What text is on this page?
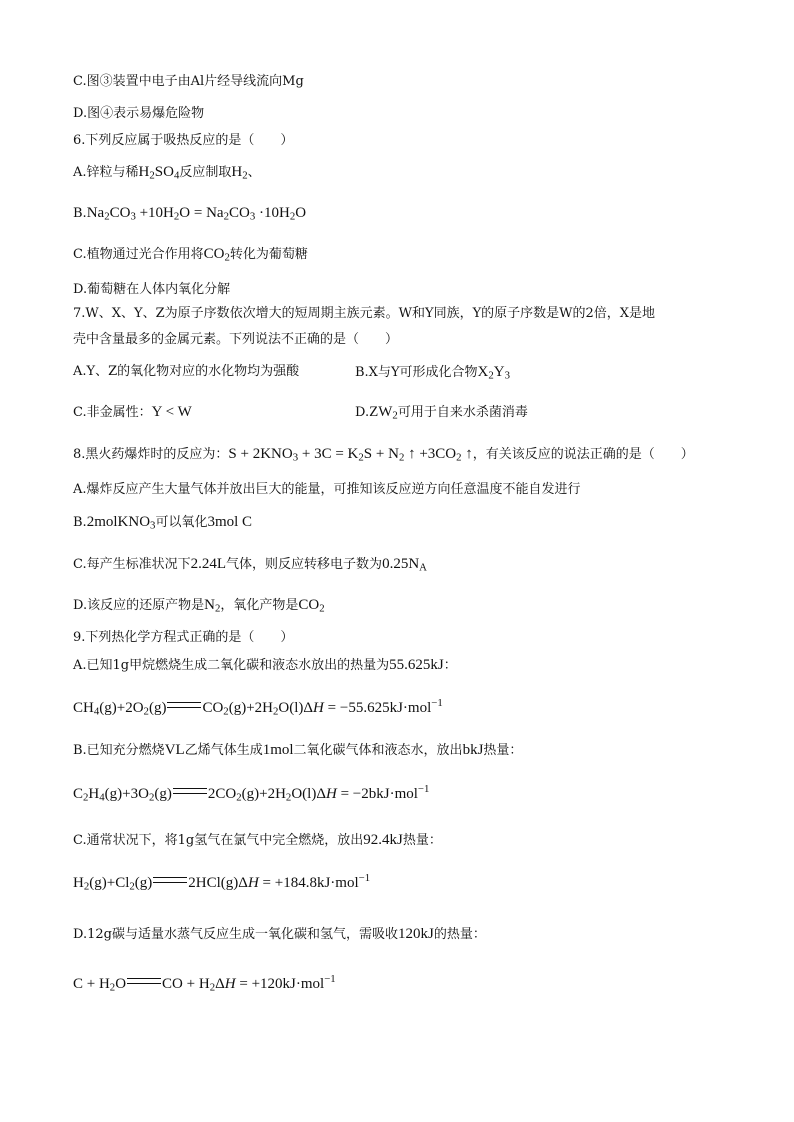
C.图③装置中电子由Al片经导线流向Mg
D.图④表示易爆危险物
6.下列反应属于吸热反应的是（　　）
A.锌粒与稀$H_2SO_4$反应制取$H_2$、
$B.Na_2CO_3 +10H_2O = Na_2CO_3 \cdot 10H_2O$
C.植物通过光合作用将$CO_2$转化为葡萄糖
D.葡萄糖在人体内氧化分解
7.W、X、Y、Z为原子序数依次增大的短周期主族元素。W和Y同族，Y的原子序数是W的2倍，X是地
壳中含量最多的金属元素。下列说法不正确的是（　　）
A.Y、Z的氧化物对应的水化物均为强酸	B.X与Y可形成化合物$X_2Y_3$
C.非金属性：Y < W	$D.ZW_2$可用于自来水杀菌消毒
8.黑火药爆炸时的反应为：$S + 2KNO_3 + 3C = K_2S + N_2$ ↑ $+3CO_2$ ↑，有关该反应的说法正确的是（　　）
A.爆炸反应产生大量气体并放出巨大的能量，可推知该反应逆方向任意温度不能自发进行
B.2molKNO$_3$可以氧化3mol C
C.每产生标准状况下2.24L气体，则反应转移电子数为$0.25N_A$
D.该反应的还原产物是$N_2$，氧化产物是$CO_2$
9.下列热化学方程式正确的是（　　）
A.已知1g甲烷燃烧生成二氧化碳和液态水放出的热量为55.625kJ：
$CH_4(g)+2O_2(g) CO_2(g)+2H_2O(l)\Delta H = -55.625kJ\cdot mol^{-1}$
B.已知充分燃烧VL乙烯气体生成1mol二氧化碳气体和液态水，放出bkJ热量：
$C_2H_4(g)+3O_2(g) 2CO_2(g)+2H_2O(l)\Delta H = -2bkJ\cdot mol^{-1}$
C.通常状况下，将1g氢气在氯气中完全燃烧，放出92.4kJ热量：
$H_2(g)+Cl_2(g) 2HCl(g)\Delta H = +184.8kJ\cdot mol^{-1}$
D.12g碳与适量水蒸气反应生成一氧化碳和氢气，需吸收120kJ的热量：
$C + H_2O$ CO + $H_2\Delta H = +120kJ\cdot mol^{-1}$
